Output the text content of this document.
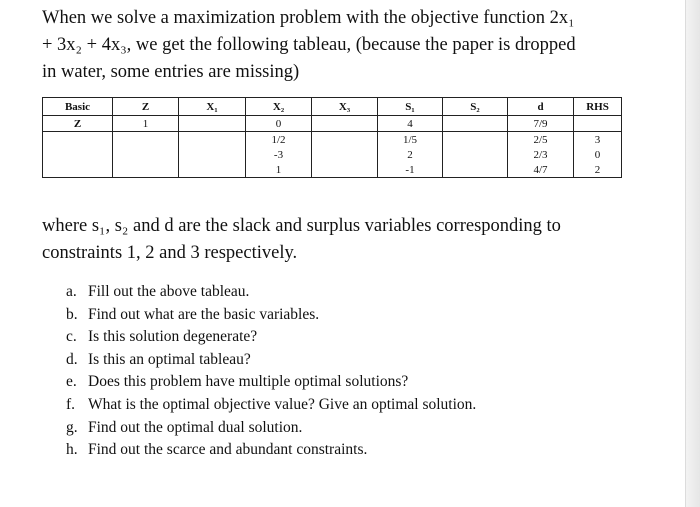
When we solve a maximization problem with the objective function 2x₁
+ 3x₂ + 4x₃, we get the following tableau, (because the paper is dropped
in water, some entries are missing)
Basic	Z	X₁	X₂	X₃	S₁	S₂	d	RHS
Z	1		0		4		7/9	
			1/2		1/5		2/5	3
			-3		2		2/3	0
			1		-1		4/7	2
where s₁, s₂ and d are the slack and surplus variables corresponding to
constraints 1, 2 and 3 respectively.
a. Fill out the above tableau.
b. Find out what are the basic variables.
c. Is this solution degenerate?
d. Is this an optimal tableau?
e. Does this problem have multiple optimal solutions?
f. What is the optimal objective value? Give an optimal solution.
g. Find out the optimal dual solution.
h. Find out the scarce and abundant constraints.
